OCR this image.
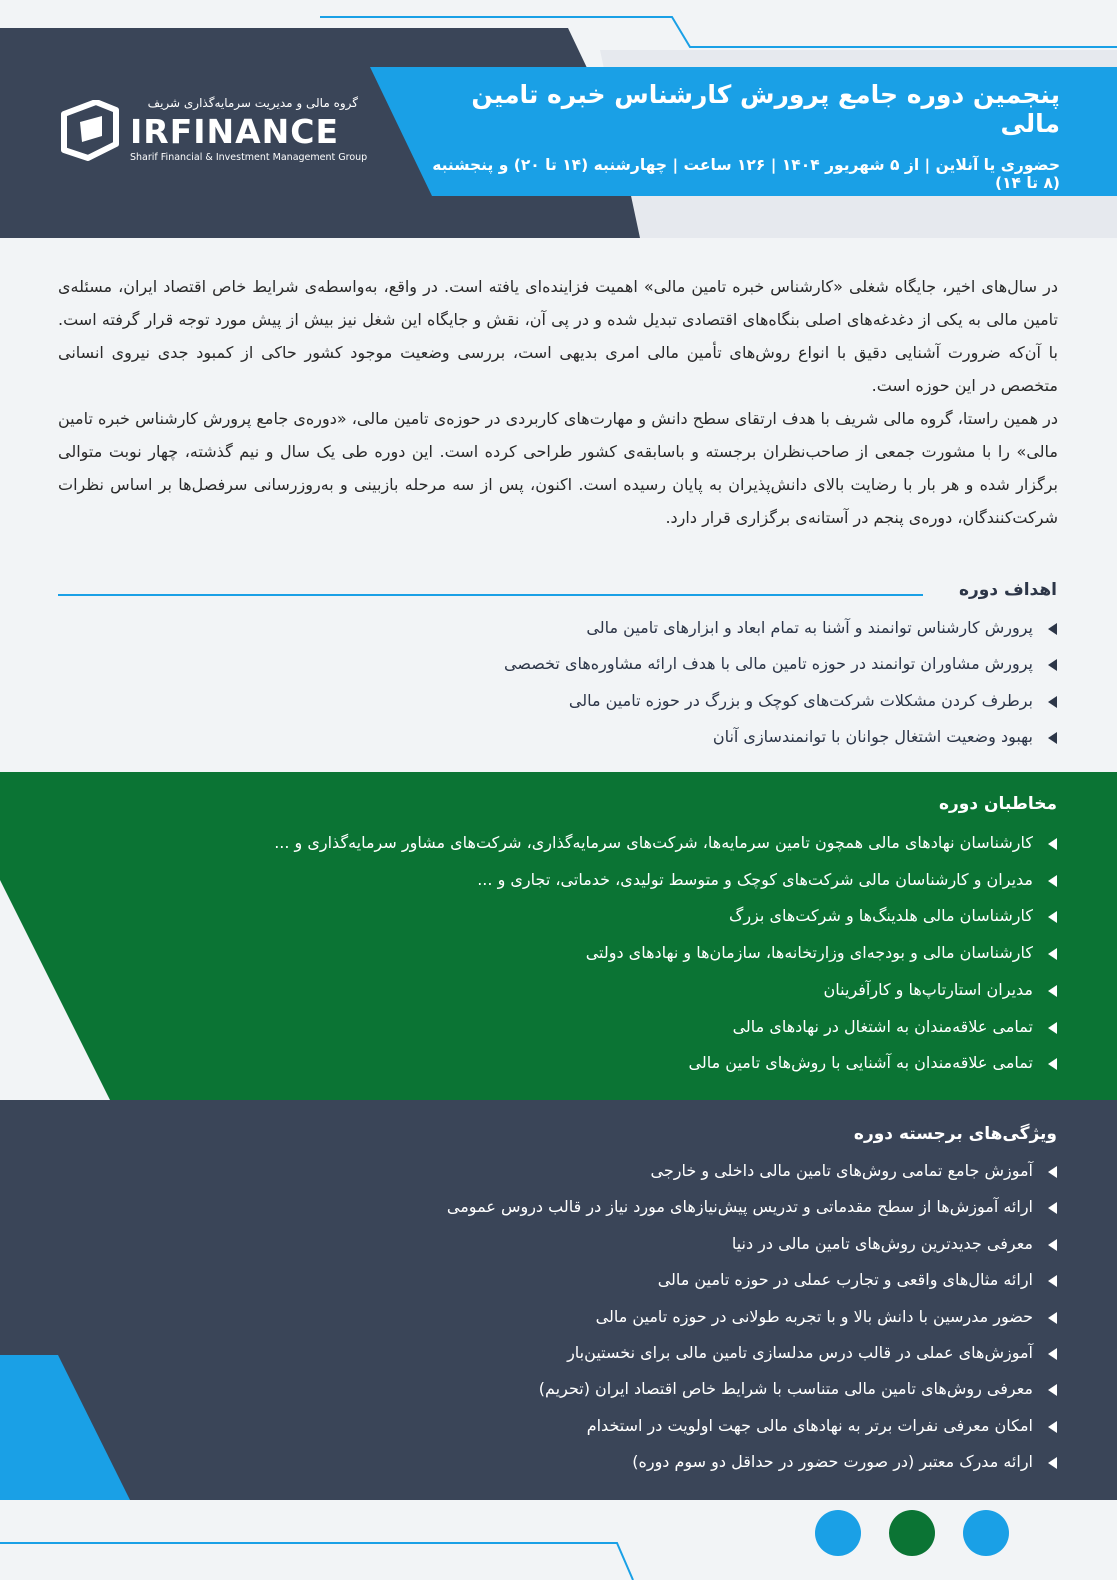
گروه مالی و مدیریت سرمایه‌گذاری شریف
IRFINANCE
Sharif Financial & Investment Management Group
پنجمین دوره جامع پرورش کارشناس خبره تامین مالی
حضوری یا آنلاین | از ۵ شهریور ۱۴۰۴ | ۱۲۶ ساعت | چهارشنبه (۱۴ تا ۲۰) و پنجشنبه (۸ تا ۱۴)

در سال‌های اخیر، جایگاه شغلی «کارشناس خبره تامین مالی» اهمیت فزاینده‌ای یافته است. در واقع، به‌واسطه‌ی شرایط خاص اقتصاد ایران، مسئله‌ی تامین مالی به یکی از دغدغه‌های اصلی بنگاه‌های اقتصادی تبدیل شده و در پی آن، نقش و جایگاه این شغل نیز بیش از پیش مورد توجه قرار گرفته است. با آن‌که ضرورت آشنایی دقیق با انواع روش‌های تأمین مالی امری بدیهی است، بررسی وضعیت موجود کشور حاکی از کمبود جدی نیروی انسانی متخصص در این حوزه است.

در همین راستا، گروه مالی شریف با هدف ارتقای سطح دانش و مهارت‌های کاربردی در حوزه‌ی تامین مالی، «دوره‌ی جامع پرورش کارشناس خبره تامین مالی» را با مشورت جمعی از صاحب‌نظران برجسته و باسابقه‌ی کشور طراحی کرده است. این دوره طی یک سال و نیم گذشته، چهار نوبت متوالی برگزار شده و هر بار با رضایت بالای دانش‌پذیران به پایان رسیده است. اکنون، پس از سه مرحله بازبینی و به‌روزرسانی سرفصل‌ها بر اساس نظرات شرکت‌کنندگان، دوره‌ی پنجم در آستانه‌ی برگزاری قرار دارد.

اهداف دوره
پرورش کارشناس توانمند و آشنا به تمام ابعاد و ابزارهای تامین مالی
پرورش مشاوران توانمند در حوزه تامین مالی با هدف ارائه مشاوره‌های تخصصی
برطرف کردن مشکلات شرکت‌های کوچک و بزرگ در حوزه تامین مالی
بهبود وضعیت اشتغال جوانان با توانمندسازی آنان
مخاطبان دوره
کارشناسان نهادهای مالی همچون تامین سرمایه‌ها، شرکت‌های سرمایه‌گذاری، شرکت‌های مشاور سرمایه‌گذاری و ...
مدیران و کارشناسان مالی شرکت‌های کوچک و متوسط تولیدی، خدماتی، تجاری و ...
کارشناسان مالی هلدینگ‌ها و شرکت‌های بزرگ
کارشناسان مالی و بودجه‌ای وزارتخانه‌ها، سازمان‌ها و نهادهای دولتی
مدیران استارتاپ‌ها و کارآفرینان
تمامی علاقه‌مندان به اشتغال در نهادهای مالی
تمامی علاقه‌مندان به آشنایی با روش‌های تامین مالی
ویژگی‌های برجسته دوره
آموزش جامع تمامی روش‌های تامین مالی داخلی و خارجی
ارائه آموزش‌ها از سطح مقدماتی و تدریس پیش‌نیازهای مورد نیاز در قالب دروس عمومی
معرفی جدیدترین روش‌های تامین مالی در دنیا
ارائه مثال‌های واقعی و تجارب عملی در حوزه تامین مالی
حضور مدرسین با دانش بالا و با تجربه طولانی در حوزه تامین مالی
آموزش‌های عملی در قالب درس مدلسازی تامین مالی برای نخستین‌بار
معرفی روش‌های تامین مالی متناسب با شرایط خاص اقتصاد ایران (تحریم)
امکان معرفی نفرات برتر به نهادهای مالی جهت اولویت در استخدام
ارائه مدرک معتبر (در صورت حضور در حداقل دو سوم دوره)
